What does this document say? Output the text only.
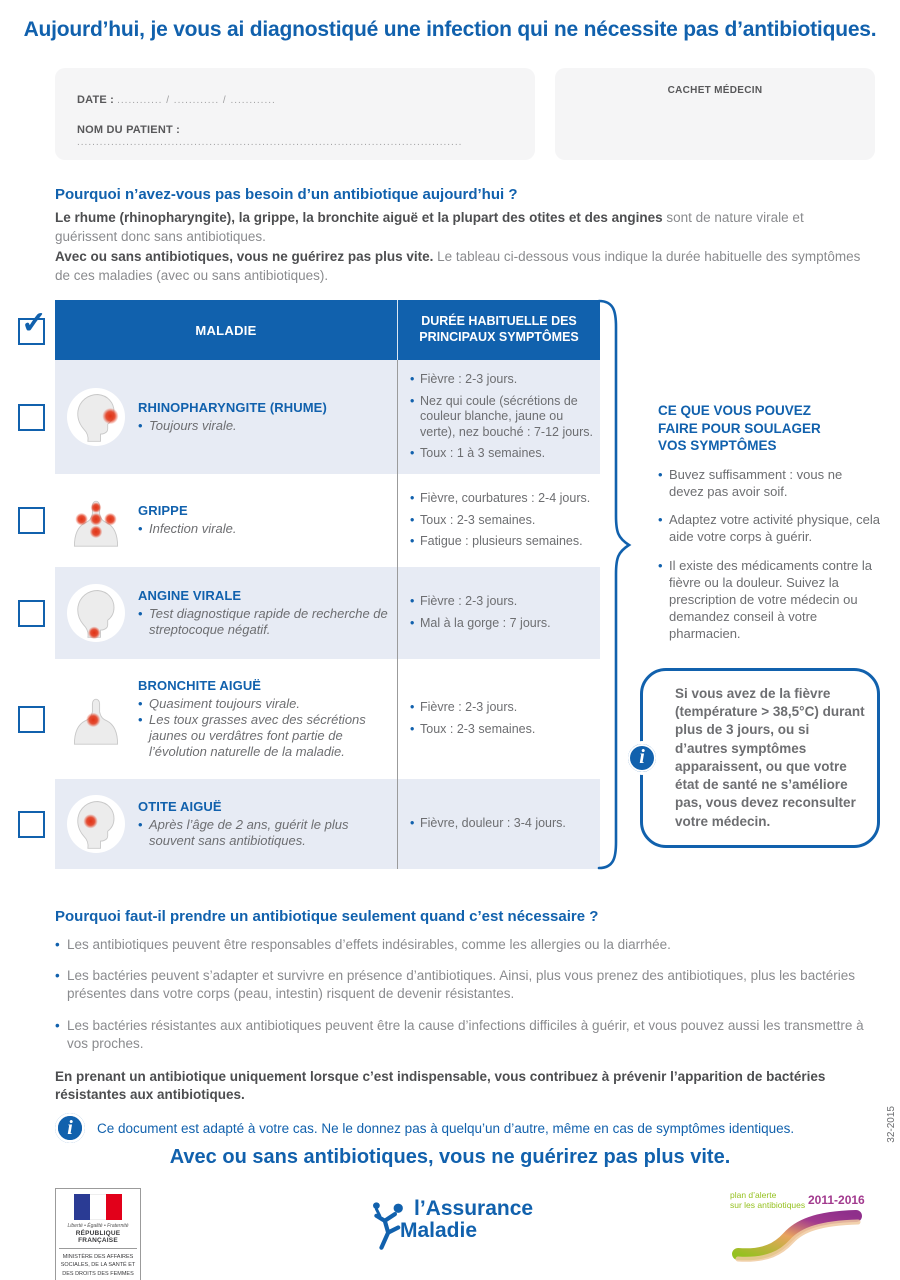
Aujourd’hui, je vous ai diagnostiqué une infection qui ne nécessite pas d’antibiotiques.
DATE : ............ / ............ / ............
NOM DU PATIENT : ......................................................................................................
CACHET MÉDECIN
Pourquoi n’avez-vous pas besoin d’un antibiotique aujourd’hui ?

Le rhume (rhinopharyngite), la grippe, la bronchite aiguë et la plupart des otites et des angines sont de nature virale et guérissent donc sans antibiotiques.

Avec ou sans antibiotiques, vous ne guérirez pas plus vite. Le tableau ci-dessous vous indique la durée habituelle des symptômes de ces maladies (avec ou sans antibiotiques).

✓	MALADIE
DURÉE HABITUELLE DES PRINCIPAUX SYMPTÔMES
RHINOPHARYNGITE (RHUME)
• Toujours virale.
• Fièvre : 2-3 jours.
• Nez qui coule (sécrétions de couleur blanche, jaune ou verte), nez bouché : 7-12 jours.
• Toux : 1 à 3 semaines.
GRIPPE
• Infection virale.
• Fièvre, courbatures : 2-4 jours.
• Toux : 2-3 semaines.
• Fatigue : plusieurs semaines.
ANGINE VIRALE
• Test diagnostique rapide de recherche de streptocoque négatif.
• Fièvre : 2-3 jours.
• Mal à la gorge : 7 jours.
BRONCHITE AIGUË
• Quasiment toujours virale.
• Les toux grasses avec des sécrétions jaunes ou verdâtres font partie de l’évolution naturelle de la maladie.
• Fièvre : 2-3 jours.
• Toux : 2-3 semaines.
OTITE AIGUË
• Après l’âge de 2 ans, guérit le plus souvent sans antibiotiques.
• Fièvre, douleur : 3-4 jours.
CE QUE VOUS POUVEZ FAIRE POUR SOULAGER VOS SYMPTÔMES
• Buvez suffisamment : vous ne devez pas avoir soif.
• Adaptez votre activité physique, cela aide votre corps à guérir.
• Il existe des médicaments contre la fièvre ou la douleur. Suivez la prescription de votre médecin ou demandez conseil à votre pharmacien.
i
Si vous avez de la fièvre (température > 38,5°C) durant plus de 3 jours, ou si d’autres symptômes apparaissent, ou que votre état de santé ne s’améliore pas, vous devez reconsulter votre médecin.
Pourquoi faut-il prendre un antibiotique seulement quand c’est nécessaire ?
• Les antibiotiques peuvent être responsables d’effets indésirables, comme les allergies ou la diarrhée.
• Les bactéries peuvent s’adapter et survivre en présence d’antibiotiques. Ainsi, plus vous prenez des antibiotiques, plus les bactéries présentes dans votre corps (peau, intestin) risquent de devenir résistantes.
• Les bactéries résistantes aux antibiotiques peuvent être la cause d’infections difficiles à guérir, et vous pouvez aussi les transmettre à vos proches.
En prenant un antibiotique uniquement lorsque c’est indispensable, vous contribuez à prévenir l’apparition de bactéries résistantes aux antibiotiques.
i	Ce document est adapté à votre cas. Ne le donnez pas à quelqu’un d’autre, même en cas de symptômes identiques.
Avec ou sans antibiotiques, vous ne guérirez pas plus vite.
Liberté • Égalité • Fraternité
RÉPUBLIQUE FRANÇAISE
MINISTÈRE DES AFFAIRES SOCIALES, DE LA SANTÉ ET DES DROITS DES FEMMES
l’Assurance
Maladie
plan d’alerte
sur les antibiotiques 2011-2016
32-2015
